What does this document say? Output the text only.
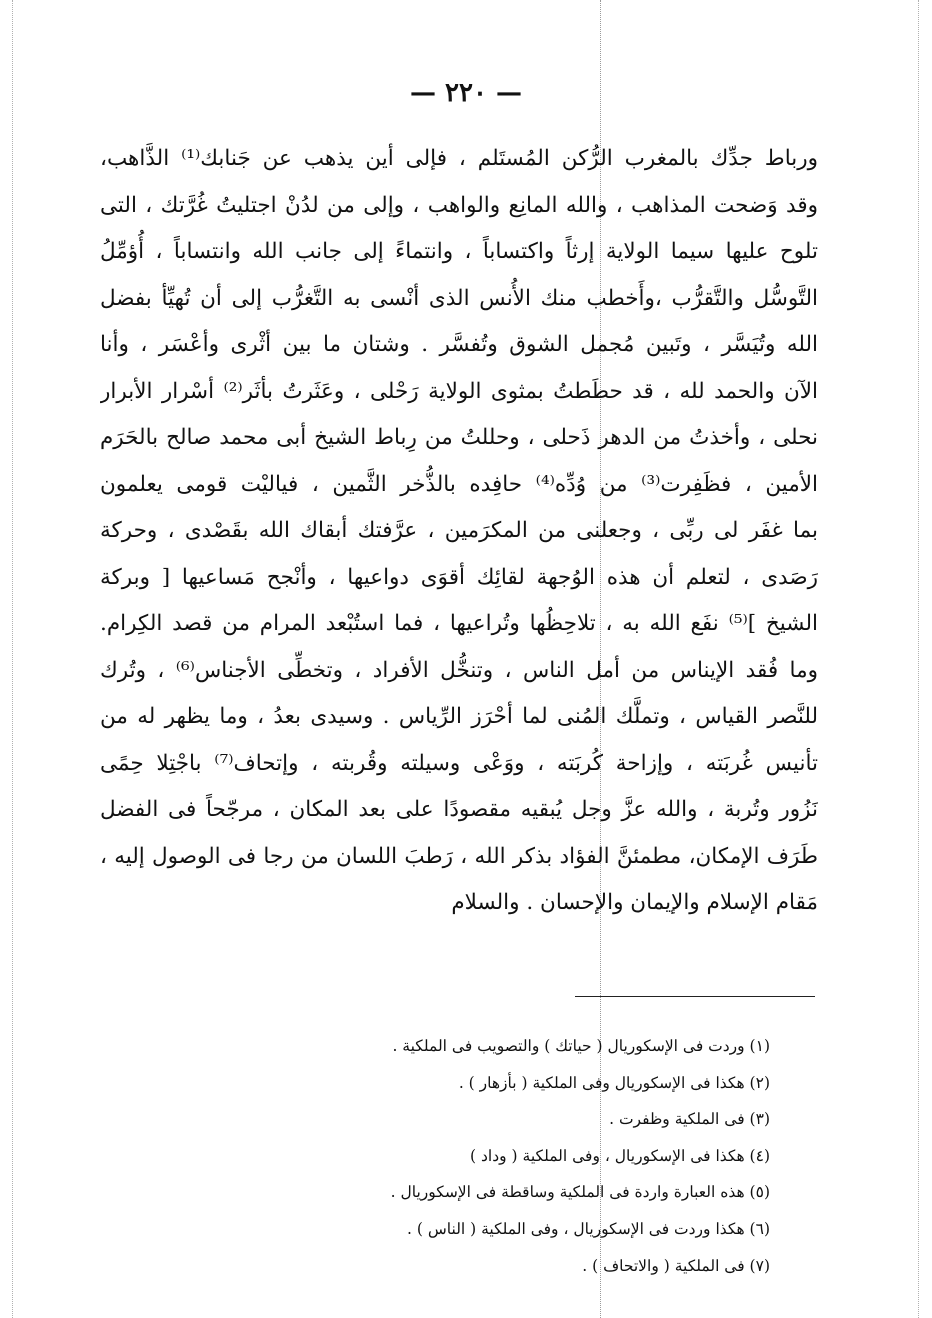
— ٢٢٠ —
ورباط جدِّك بالمغرب الرُّكن المُستَلم ، فإلى أين يذهب عن جَنابك⁽¹⁾ الذَّاهب،
وقد وَضحت المذاهب ، والله المانِع والواهب ، وإلى من لدُنْ اجتليتُ غُرَّتك ، التى
تلوح عليها سيما الولاية إرثاً واكتساباً ، وانتماءً إلى جانب الله وانتساباً ، أُؤمِّلُ
التَّوسُّل والتَّقرُّب ،وأَخطب منك الأُنس الذى أنْسى به التَّغرُّب إلى أن تُهيِّأ بفضل
الله وتُيَسَّر ، وتَبين مُجمل الشوق وتُفسَّر . وشتان ما بين أثْرى وأعْسَر ، وأنا
الآن والحمد لله ، قد حطَطتُ بمثوى الولاية رَحْلى ، وعَثَرتُ بأثَر⁽²⁾ أسْرار الأبرار
نحلى ، وأخذتُ من الدهر ذَحلى ، وحللتُ من رِباط الشيخ أبى محمد صالح بالحَرَم
الأمين ، فظَفِرت⁽³⁾ من وُدِّه⁽⁴⁾ حافِده بالذُّخر الثَّمين ، فياليْت قومى يعلمون
بما غفَر لى ربِّى ، وجعلنى من المكرَمين ، عرَّفتك أبقاك الله بقَصْدى ، وحركة
رَصَدى ، لتعلم أن هذه الوُجهة لقائِك أقوَى دواعيها ، وأنْجح مَساعيها [ وبركة
الشيخ ]⁽⁵⁾ نفَع الله به ، تلاحِظُها وتُراعيها ، فما استُبْعد المرام من قصد الكِرام.
وما فُقد الإيناس من أمل الناس ، وتنخُّل الأفراد ، وتخطِّى الأجناس⁽⁶⁾ ، وتُرك
للنَّصر القياس ، وتملَّك المُنى لما أحْرَز الرِّياس . وسيدى بعدُ ، وما يظهر له من
تأنيس غُربَته ، وإزاحة كُربَته ، ووَعْى وسيلته وقُربته ، وإتحاف⁽⁷⁾ باجْتِلا حِمًى
نَزُور وتُربة ، والله عزَّ وجل يُبقيه مقصودًا على بعد المكان ، مرجّحاً فى الفضل
طَرَف الإمكان، مطمئنَّ الفؤاد بذكر الله ، رَطبَ اللسان من رجا فى الوصول إليه ،
مَقام الإسلام والإيمان والإحسان . والسلام
(١) وردت فى الإسكوريال ( حياتك ) والتصويب فى الملكية .
(٢) هكذا فى الإسكوريال وفى الملكية ( بأزهار ) .
(٣) فى الملكية وظفرت .
(٤) هكذا فى الإسكوريال ، وفى الملكية ( وداد )
(٥) هذه العبارة واردة فى الملكية وساقطة فى الإسكوريال .
(٦) هكذا وردت فى الإسكوريال ، وفى الملكية ( الناس ) .
(٧) فى الملكية ( والاتحاف ) .
